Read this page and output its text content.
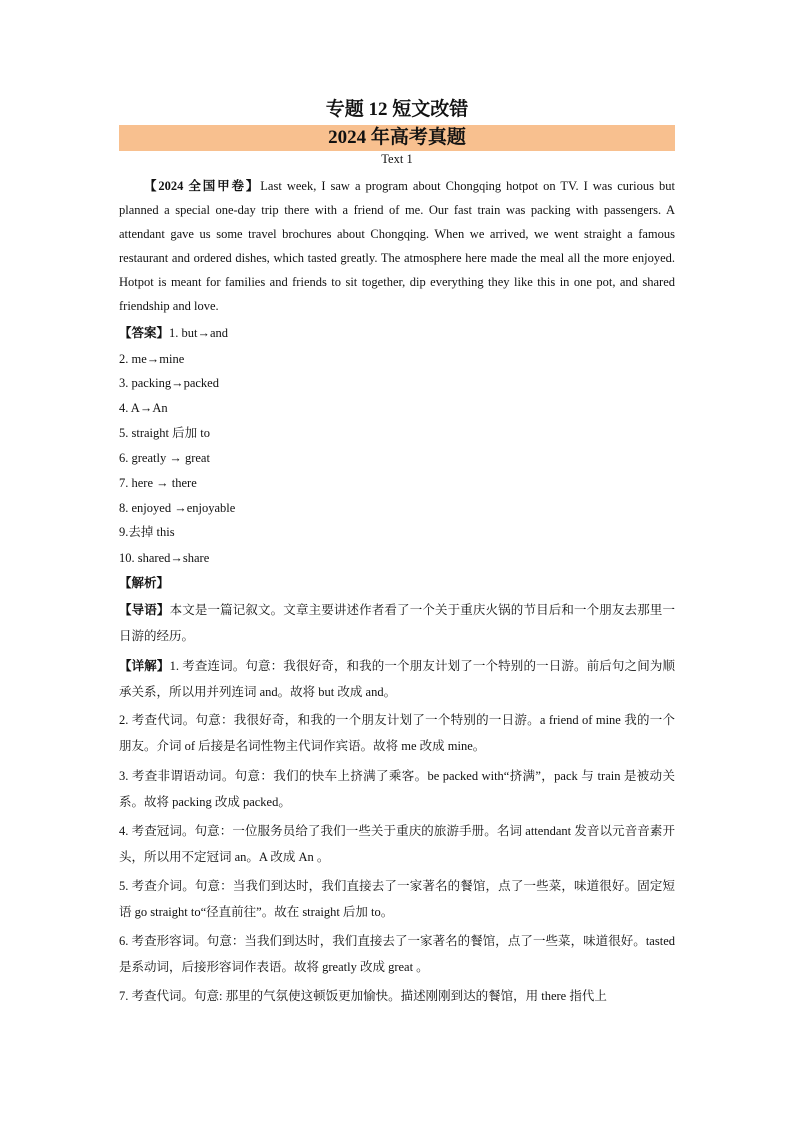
专题 12 短文改错
2024 年高考真题
Text 1
【2024 全国甲卷】Last week, I saw a program about Chongqing hotpot on TV. I was curious but planned a special one-day trip there with a friend of me. Our fast train was packing with passengers. A attendant gave us some travel brochures about Chongqing. When we arrived, we went straight a famous restaurant and ordered dishes, which tasted greatly. The atmosphere here made the meal all the more enjoyed. Hotpot is meant for families and friends to sit together, dip everything they like this in one pot, and shared friendship and love.
【答案】1. but→and
2. me→mine
3. packing→packed
4. A→An
5. straight 后加 to
6. greatly → great
7. here → there
8. enjoyed →enjoyable
9.去掉 this
10. shared→share
【解析】
【导语】本文是一篇记叙文。文章主要讲述作者看了一个关于重庆火锅的节目后和一个朋友去那里一日游的经历。
【详解】1. 考查连词。句意：我很好奇，和我的一个朋友计划了一个特别的一日游。前后句之间为顺承关系，所以用并列连词 and。故将 but 改成 and。
2. 考查代词。句意：我很好奇，和我的一个朋友计划了一个特别的一日游。a friend of mine 我的一个朋友。介词 of 后接是名词性物主代词作宾语。故将 me 改成 mine。
3. 考查非谓语动词。句意：我们的快车上挤满了乘客。be packed with“挤满”，pack 与 train 是被动关系。故将 packing 改成 packed。
4. 考查冠词。句意：一位服务员给了我们一些关于重庆的旅游手册。名词 attendant 发音以元音音素开头，所以用不定冠词 an。A 改成 An 。
5. 考查介词。句意：当我们到达时，我们直接去了一家著名的餐馆，点了一些菜，味道很好。固定短语 go straight to“径直前往”。故在 straight 后加 to。
6. 考查形容词。句意：当我们到达时，我们直接去了一家著名的餐馆，点了一些菜，味道很好。tasted 是系动词，后接形容词作表语。故将 greatly 改成 great 。
7. 考查代词。句意: 那里的气氛使这顿饭更加愉快。描述刚刚到达的餐馆，用 there 指代上
